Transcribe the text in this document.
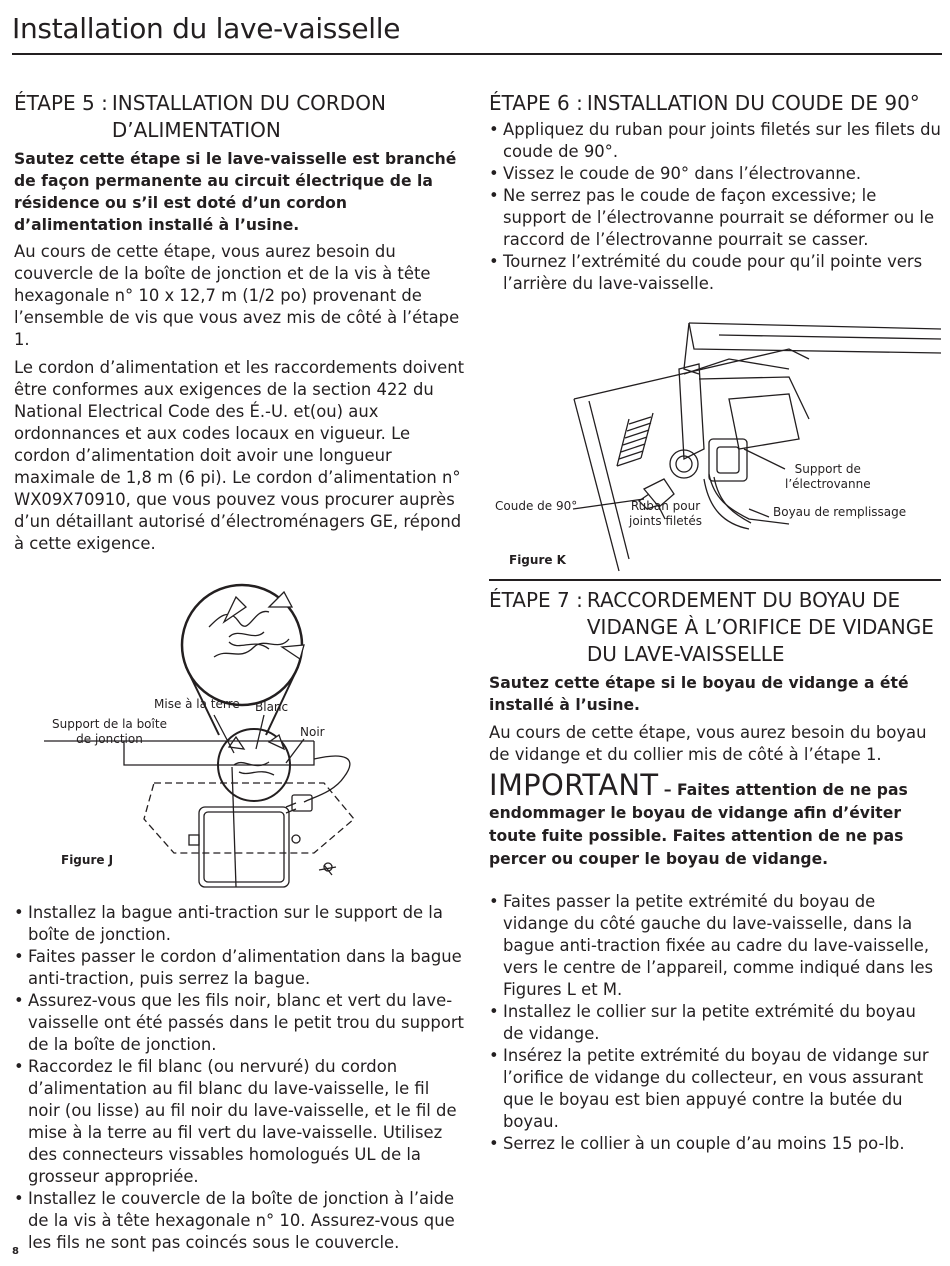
Installation du lave-vaisselle
ÉTAPE 5 : INSTALLATION DU CORDON
D’ALIMENTATION

Sautez cette étape si le lave-vaisselle est branché de façon permanente au circuit électrique de la résidence ou s’il est doté d’un cordon d’alimentation installé à l’usine.

Au cours de cette étape, vous aurez besoin du couvercle de la boîte de jonction et de la vis à tête hexagonale n° 10 x 12,7 m (1/2 po) provenant de l’ensemble de vis que vous avez mis de côté à l’étape 1.

Le cordon d’alimentation et les raccordements doivent être conformes aux exigences de la section 422 du National Electrical Code des É.-U. et(ou) aux ordonnances et aux codes locaux en vigueur. Le cordon d’alimentation doit avoir une longueur maximale de 1,8 m (6 pi). Le cordon d’alimentation n° WX09X70910, que vous pouvez vous procurer auprès d’un détaillant autorisé d’électroménagers GE, répond à cette exigence.

Mise à la terre Blanc
Noir
Support de la boîte
de jonction
Figure J
• Installez la bague anti-traction sur le support de la boîte de jonction.
• Faites passer le cordon d’alimentation dans la bague anti-traction, puis serrez la bague.
• Assurez-vous que les fils noir, blanc et vert du lave-vaisselle ont été passés dans le petit trou du support de la boîte de jonction.
• Raccordez le fil blanc (ou nervuré) du cordon d’alimentation au fil blanc du lave-vaisselle, le fil noir (ou lisse) au fil noir du lave-vaisselle, et le fil de mise à la terre au fil vert du lave-vaisselle. Utilisez des connecteurs vissables homologués UL de la grosseur appropriée.
• Installez le couvercle de la boîte de jonction à l’aide de la vis à tête hexagonale n° 10. Assurez-vous que les fils ne sont pas coincés sous le couvercle.
ÉTAPE 6 : INSTALLATION DU COUDE DE 90°
• Appliquez du ruban pour joints filetés sur les filets du coude de 90°.
• Vissez le coude de 90° dans l’électrovanne.
• Ne serrez pas le coude de façon excessive; le support de l’électrovanne pourrait se déformer ou le raccord de l’électrovanne pourrait se casser.
• Tournez l’extrémité du coude pour qu’il pointe vers l’arrière du lave-vaisselle.
Coude de 90°	Ruban pour
joints filetés
Support de
l’électrovanne
Boyau de remplissage
Figure K
ÉTAPE 7 : RACCORDEMENT DU BOYAU DE
VIDANGE À L’ORIFICE DE VIDANGE
DU LAVE-VAISSELLE

Sautez cette étape si le boyau de vidange a été installé à l’usine.

Au cours de cette étape, vous aurez besoin du boyau de vidange et du collier mis de côté à l’étape 1.

IMPORTANT – Faites attention de ne pas endommager le boyau de vidange afin d’éviter toute fuite possible. Faites attention de ne pas percer ou couper le boyau de vidange.

• Faites passer la petite extrémité du boyau de vidange du côté gauche du lave-vaisselle, dans la bague anti-traction fixée au cadre du lave-vaisselle, vers le centre de l’appareil, comme indiqué dans les Figures L et M.
• Installez le collier sur la petite extrémité du boyau de vidange.
• Insérez la petite extrémité du boyau de vidange sur l’orifice de vidange du collecteur, en vous assurant que le boyau est bien appuyé contre la butée du boyau.
• Serrez le collier à un couple d’au moins 15 po-lb.
8
